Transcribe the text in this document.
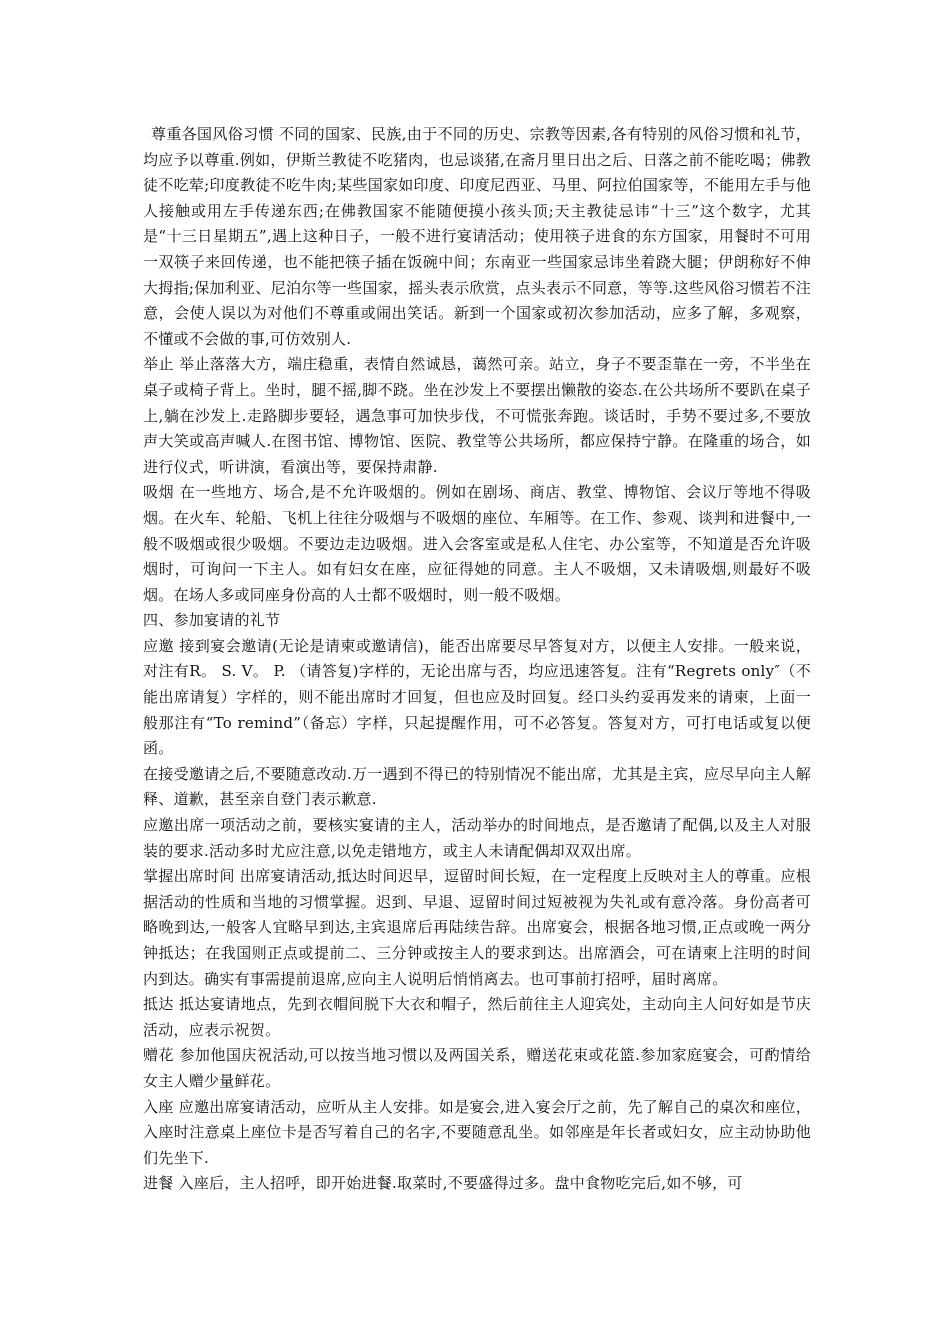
尊重各国风俗习惯 不同的国家、民族,由于不同的历史、宗教等因素,各有特别的风俗习惯和礼节，均应予以尊重.例如，伊斯兰教徒不吃猪肉，也忌谈猪,在斋月里日出之后、日落之前不能吃喝；佛教徒不吃荤;印度教徒不吃牛肉;某些国家如印度、印度尼西亚、马里、阿拉伯国家等，不能用左手与他人接触或用左手传递东西;在佛教国家不能随便摸小孩头顶;天主教徒忌讳“十三”这个数字，尤其是“十三日星期五”,遇上这种日子，一般不进行宴请活动；使用筷子进食的东方国家，用餐时不可用一双筷子来回传递，也不能把筷子插在饭碗中间；东南亚一些国家忌讳坐着跷大腿；伊朗称好不伸大拇指;保加利亚、尼泊尔等一些国家，摇头表示欣赏，点头表示不同意，等等.这些风俗习惯若不注意，会使人误以为对他们不尊重或闹出笑话。新到一个国家或初次参加活动，应多了解，多观察，不懂或不会做的事,可仿效别人.

举止 举止落落大方，端庄稳重，表情自然诚恳，蔼然可亲。站立，身子不要歪靠在一旁，不半坐在桌子或椅子背上。坐时，腿不摇,脚不跷。坐在沙发上不要摆出懒散的姿态.在公共场所不要趴在桌子上,躺在沙发上.走路脚步要轻，遇急事可加快步伐，不可慌张奔跑。谈话时，手势不要过多,不要放声大笑或高声喊人.在图书馆、博物馆、医院、教堂等公共场所，都应保持宁静。在隆重的场合，如进行仪式，听讲演，看演出等，要保持肃静.

吸烟 在一些地方、场合,是不允许吸烟的。例如在剧场、商店、教堂、博物馆、会议厅等地不得吸烟。在火车、轮船、飞机上往往分吸烟与不吸烟的座位、车厢等。在工作、参观、谈判和进餐中,一般不吸烟或很少吸烟。不要边走边吸烟。进入会客室或是私人住宅、办公室等，不知道是否允许吸烟时，可询问一下主人。如有妇女在座，应征得她的同意。主人不吸烟，又未请吸烟,则最好不吸烟。在场人多或同座身份高的人士都不吸烟时，则一般不吸烟。

四、参加宴请的礼节

应邀 接到宴会邀请(无论是请柬或邀请信)，能否出席要尽早答复对方，以便主人安排。一般来说，对注有R。 S. V。 P. （请答复)字样的，无论出席与否，均应迅速答复。注有“Regrets only″（不能出席请复）字样的，则不能出席时才回复，但也应及时回复。经口头约妥再发来的请柬，上面一般那注有“To remind”（备忘）字样，只起提醒作用，可不必答复。答复对方，可打电话或复以便函。

在接受邀请之后,不要随意改动.万一遇到不得已的特别情况不能出席，尤其是主宾，应尽早向主人解释、道歉，甚至亲自登门表示歉意.

应邀出席一项活动之前，要核实宴请的主人，活动举办的时间地点，是否邀请了配偶,以及主人对服装的要求.活动多时尤应注意,以免走错地方，或主人未请配偶却双双出席。

掌握出席时间 出席宴请活动,抵达时间迟早，逗留时间长短，在一定程度上反映对主人的尊重。应根据活动的性质和当地的习惯掌握。迟到、早退、逗留时间过短被视为失礼或有意冷落。身份高者可略晚到达,一般客人宜略早到达,主宾退席后再陆续告辞。出席宴会，根据各地习惯,正点或晚一两分钟抵达；在我国则正点或提前二、三分钟或按主人的要求到达。出席酒会，可在请柬上注明的时间内到达。确实有事需提前退席,应向主人说明后悄悄离去。也可事前打招呼，届时离席。

抵达 抵达宴请地点，先到衣帽间脱下大衣和帽子，然后前往主人迎宾处，主动向主人问好如是节庆活动，应表示祝贺。

赠花 参加他国庆祝活动,可以按当地习惯以及两国关系，赠送花束或花篮.参加家庭宴会，可酌情给女主人赠少量鲜花。

入座 应邀出席宴请活动，应听从主人安排。如是宴会,进入宴会厅之前，先了解自己的桌次和座位，入座时注意桌上座位卡是否写着自己的名字,不要随意乱坐。如邻座是年长者或妇女，应主动协助他们先坐下.

进餐 入座后，主人招呼，即开始进餐.取菜时,不要盛得过多。盘中食物吃完后,如不够，可
